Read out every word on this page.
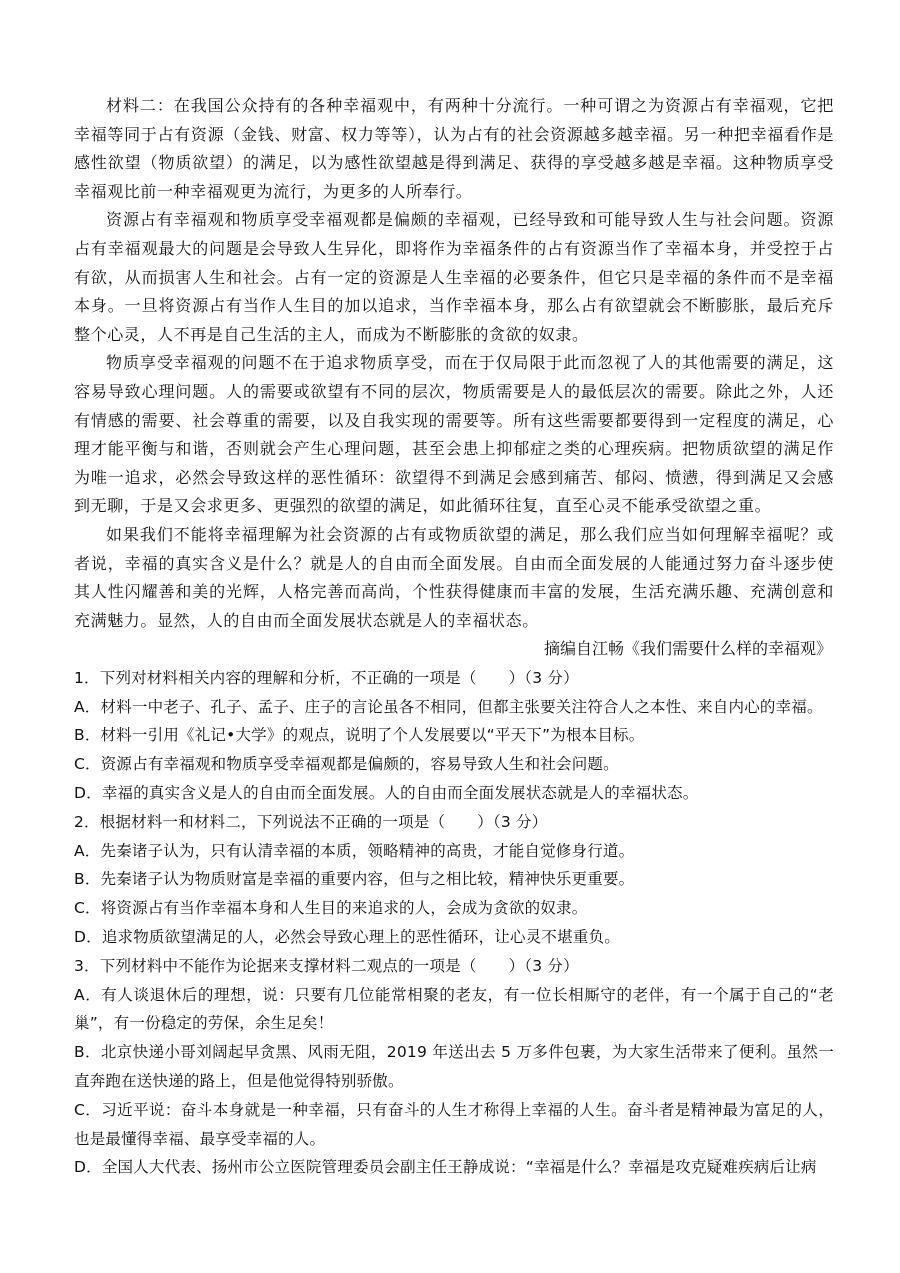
材料二：在我国公众持有的各种幸福观中，有两种十分流行。一种可谓之为资源占有幸福观，它把幸福等同于占有资源（金钱、财富、权力等等），认为占有的社会资源越多越幸福。另一种把幸福看作是感性欲望（物质欲望）的满足，以为感性欲望越是得到满足、获得的享受越多越是幸福。这种物质享受幸福观比前一种幸福观更为流行，为更多的人所奉行。

资源占有幸福观和物质享受幸福观都是偏颇的幸福观，已经导致和可能导致人生与社会问题。资源占有幸福观最大的问题是会导致人生异化，即将作为幸福条件的占有资源当作了幸福本身，并受控于占有欲，从而损害人生和社会。占有一定的资源是人生幸福的必要条件，但它只是幸福的条件而不是幸福本身。一旦将资源占有当作人生目的加以追求，当作幸福本身，那么占有欲望就会不断膨胀，最后充斥整个心灵，人不再是自己生活的主人，而成为不断膨胀的贪欲的奴隶。

物质享受幸福观的问题不在于追求物质享受，而在于仅局限于此而忽视了人的其他需要的满足，这容易导致心理问题。人的需要或欲望有不同的层次，物质需要是人的最低层次的需要。除此之外，人还有情感的需要、社会尊重的需要，以及自我实现的需要等。所有这些需要都要得到一定程度的满足，心理才能平衡与和谐，否则就会产生心理问题，甚至会患上抑郁症之类的心理疾病。把物质欲望的满足作为唯一追求，必然会导致这样的恶性循环：欲望得不到满足会感到痛苦、郁闷、愤懑，得到满足又会感到无聊，于是又会求更多、更强烈的欲望的满足，如此循环往复，直至心灵不能承受欲望之重。

如果我们不能将幸福理解为社会资源的占有或物质欲望的满足，那么我们应当如何理解幸福呢？或者说，幸福的真实含义是什么？就是人的自由而全面发展。自由而全面发展的人能通过努力奋斗逐步使其人性闪耀善和美的光辉，人格完善而高尚，个性获得健康而丰富的发展，生活充满乐趣、充满创意和充满魅力。显然，人的自由而全面发展状态就是人的幸福状态。

摘编自江畅《我们需要什么样的幸福观》

1．下列对材料相关内容的理解和分析，不正确的一项是（ ）（3 分）

A．材料一中老子、孔子、孟子、庄子的言论虽各不相同，但都主张要关注符合人之本性、来自内心的幸福。

B．材料一引用《礼记•大学》的观点，说明了个人发展要以“平天下”为根本目标。

C．资源占有幸福观和物质享受幸福观都是偏颇的，容易导致人生和社会问题。

D．幸福的真实含义是人的自由而全面发展。人的自由而全面发展状态就是人的幸福状态。

2．根据材料一和材料二，下列说法不正确的一项是（ ）（3 分）

A．先秦诸子认为，只有认清幸福的本质，领略精神的高贵，才能自觉修身行道。

B．先秦诸子认为物质财富是幸福的重要内容，但与之相比较，精神快乐更重要。

C．将资源占有当作幸福本身和人生目的来追求的人，会成为贪欲的奴隶。

D．追求物质欲望满足的人，必然会导致心理上的恶性循环，让心灵不堪重负。

3．下列材料中不能作为论据来支撑材料二观点的一项是（ ）（3 分）

A．有人谈退休后的理想，说：只要有几位能常相聚的老友，有一位长相厮守的老伴，有一个属于自己的“老巢”，有一份稳定的劳保，余生足矣！

B．北京快递小哥刘阔起早贪黑、风雨无阻，2019 年送出去 5 万多件包裹，为大家生活带来了便利。虽然一直奔跑在送快递的路上，但是他觉得特别骄傲。

C．习近平说：奋斗本身就是一种幸福，只有奋斗的人生才称得上幸福的人生。奋斗者是精神最为富足的人，也是最懂得幸福、最享受幸福的人。

D．全国人大代表、扬州市公立医院管理委员会副主任王静成说：“幸福是什么？幸福是攻克疑难疾病后让病
